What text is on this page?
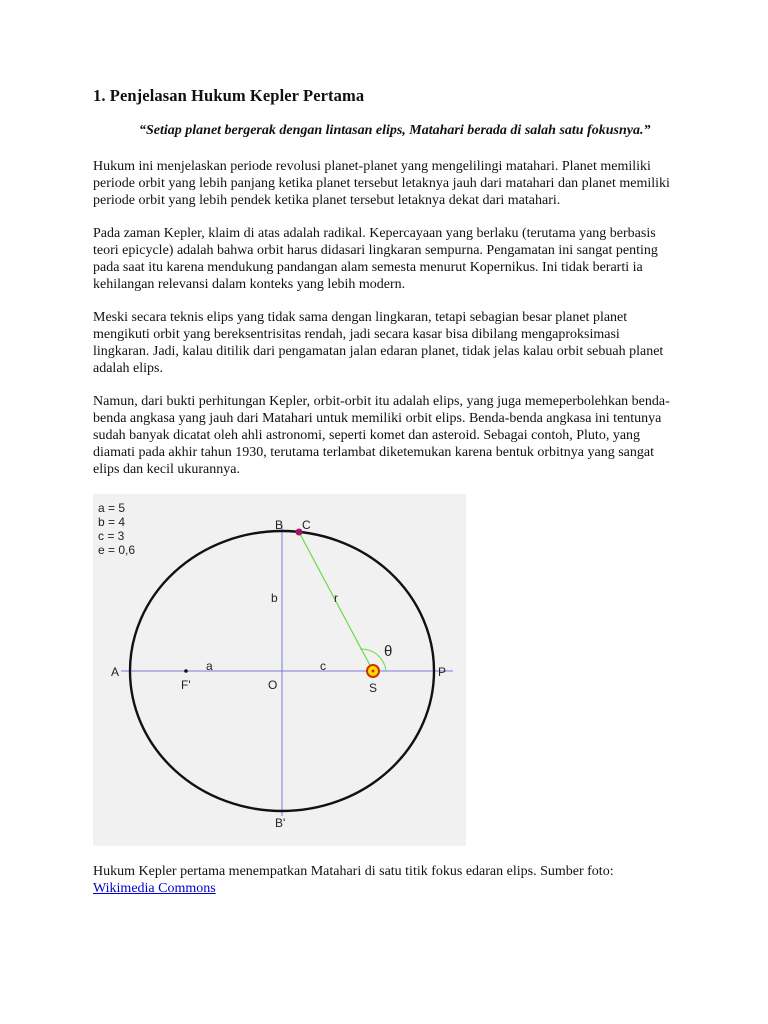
1. Penjelasan Hukum Kepler Pertama
“Setiap planet bergerak dengan lintasan elips, Matahari berada di salah satu fokusnya.”

Hukum ini menjelaskan periode revolusi planet-planet yang mengelilingi matahari. Planet memiliki periode orbit yang lebih panjang ketika planet tersebut letaknya jauh dari matahari dan planet memiliki periode orbit yang lebih pendek ketika planet tersebut letaknya dekat dari matahari.

Pada zaman Kepler, klaim di atas adalah radikal. Kepercayaan yang berlaku (terutama yang berbasis teori epicycle) adalah bahwa orbit harus didasari lingkaran sempurna. Pengamatan ini sangat penting pada saat itu karena mendukung pandangan alam semesta menurut Kopernikus. Ini tidak berarti ia kehilangan relevansi dalam konteks yang lebih modern.

Meski secara teknis elips yang tidak sama dengan lingkaran, tetapi sebagian besar planet planet mengikuti orbit yang bereksentrisitas rendah, jadi secara kasar bisa dibilang mengaproksimasi lingkaran. Jadi, kalau ditilik dari pengamatan jalan edaran planet, tidak jelas kalau orbit sebuah planet adalah elips.

Namun, dari bukti perhitungan Kepler, orbit-orbit itu adalah elips, yang juga memeperbolehkan benda-benda angkasa yang jauh dari Matahari untuk memiliki orbit elips. Benda-benda angkasa ini tentunya sudah banyak dicatat oleh ahli astronomi, seperti komet dan asteroid. Sebagai contoh, Pluto, yang diamati pada akhir tahun 1930, terutama terlambat diketemukan karena bentuk orbitnya yang sangat elips dan kecil ukurannya.

a = 5
b = 4
c = 3
e = 0,6
B C
A	P
O	S
F'
B'
a
b
c
r
θ

Hukum Kepler pertama menempatkan Matahari di satu titik fokus edaran elips. Sumber foto:
Wikimedia Commons
